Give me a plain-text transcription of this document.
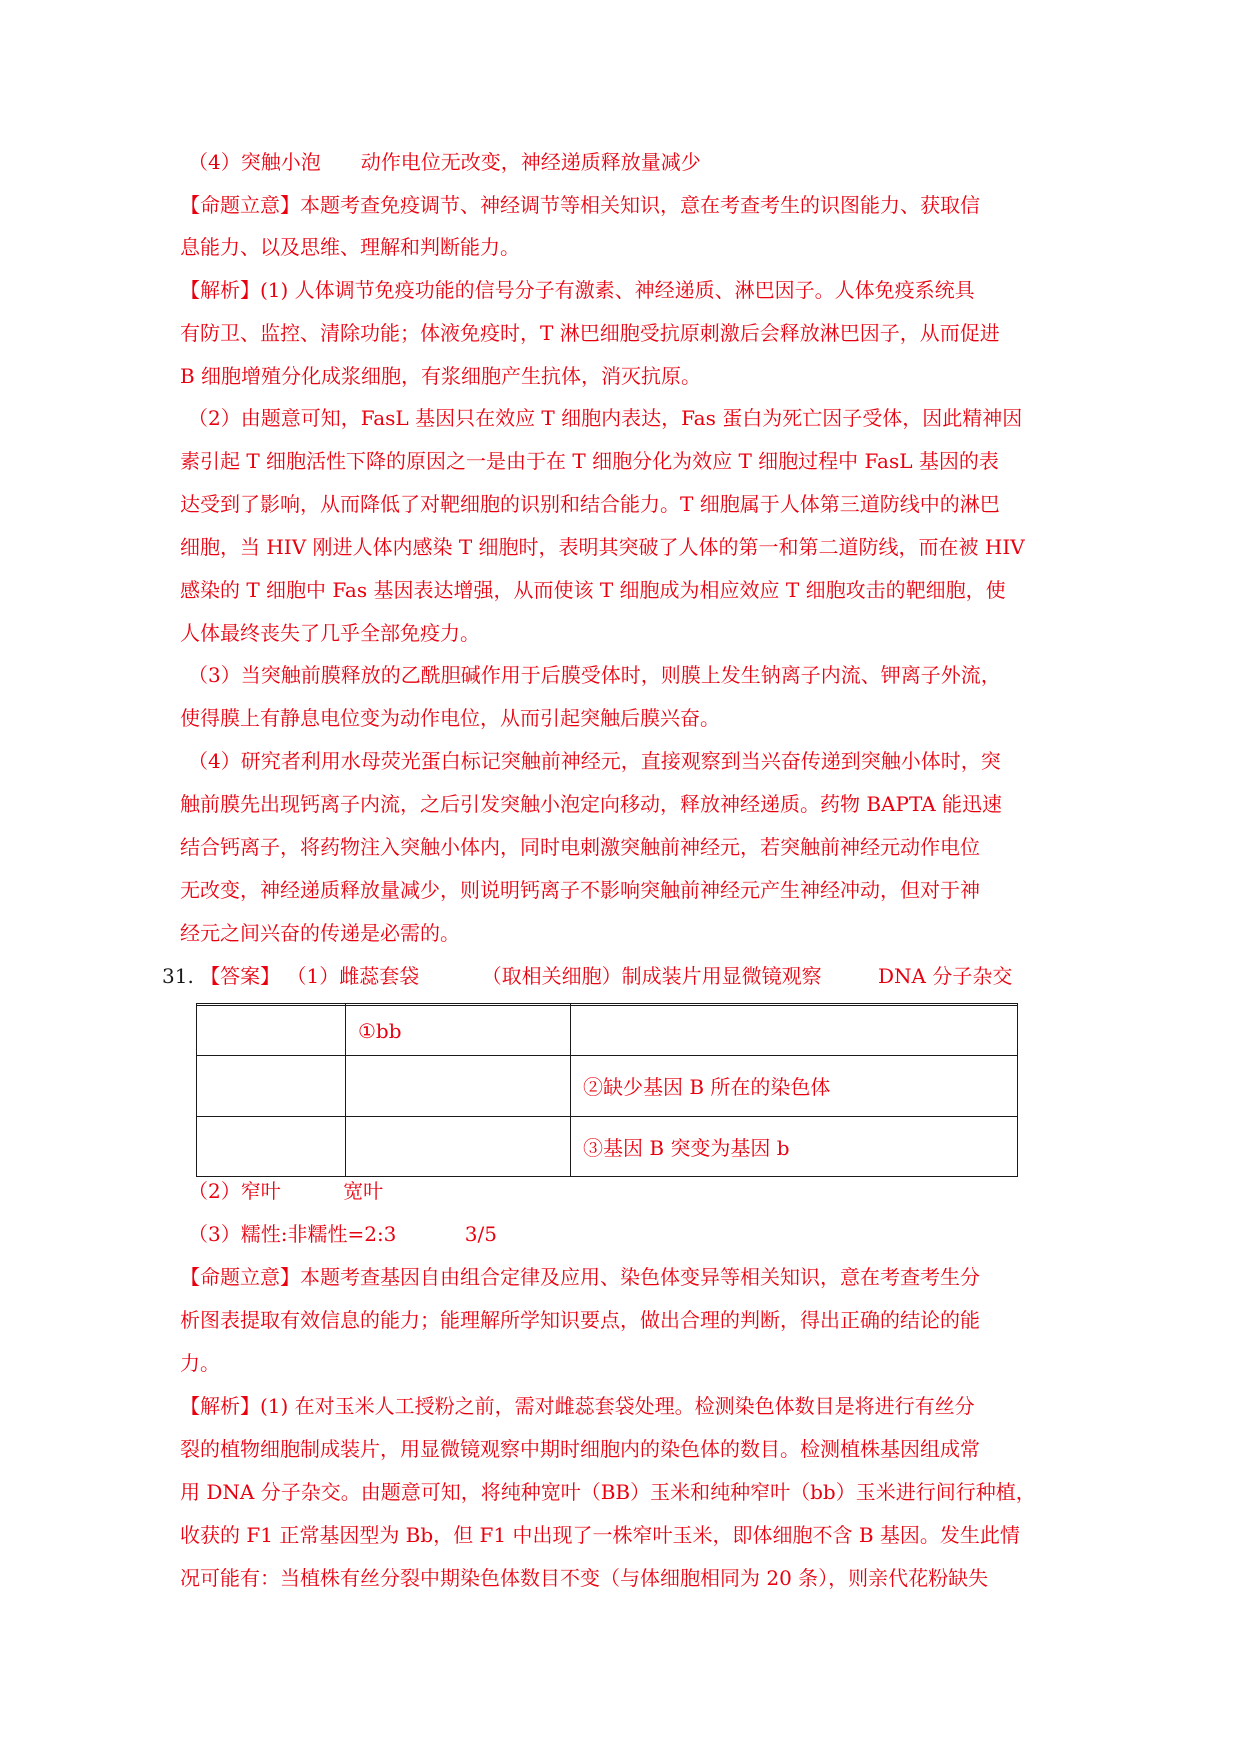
（4）突触小泡　　动作电位无改变，神经递质释放量减少
【命题立意】本题考查免疫调节、神经调节等相关知识，意在考查考生的识图能力、获取信
息能力、以及思维、理解和判断能力。
【解析】(1) 人体调节免疫功能的信号分子有激素、神经递质、淋巴因子。人体免疫系统具
有防卫、监控、清除功能；体液免疫时，T 淋巴细胞受抗原刺激后会释放淋巴因子，从而促进
B 细胞增殖分化成浆细胞，有浆细胞产生抗体，消灭抗原。
（2）由题意可知，FasL 基因只在效应 T 细胞内表达，Fas 蛋白为死亡因子受体，因此精神因
素引起 T 细胞活性下降的原因之一是由于在 T 细胞分化为效应 T 细胞过程中 FasL 基因的表
达受到了影响，从而降低了对靶细胞的识别和结合能力。T 细胞属于人体第三道防线中的淋巴
细胞，当 HIV 刚进人体内感染 T 细胞时，表明其突破了人体的第一和第二道防线，而在被 HIV
感染的 T 细胞中 Fas 基因表达增强，从而使该 T 细胞成为相应效应 T 细胞攻击的靶细胞，使
人体最终丧失了几乎全部免疫力。
（3）当突触前膜释放的乙酰胆碱作用于后膜受体时，则膜上发生钠离子内流、钾离子外流，
使得膜上有静息电位变为动作电位，从而引起突触后膜兴奋。
（4）研究者利用水母荧光蛋白标记突触前神经元，直接观察到当兴奋传递到突触小体时，突
触前膜先出现钙离子内流，之后引发突触小泡定向移动，释放神经递质。药物 BAPTA 能迅速
结合钙离子，将药物注入突触小体内，同时电刺激突触前神经元，若突触前神经元动作电位
无改变，神经递质释放量减少，则说明钙离子不影响突触前神经元产生神经冲动，但对于神
经元之间兴奋的传递是必需的。
31. 【答案】 （1）雌蕊套袋	（取相关细胞）制成装片用显微镜观察	DNA 分子杂交

	①bb	
		②缺少基因 B 所在的染色体
		③基因 B 突变为基因 b
（2）窄叶	宽叶
（3）糯性:非糯性=2:3	3/5
【命题立意】本题考查基因自由组合定律及应用、染色体变异等相关知识，意在考查考生分
析图表提取有效信息的能力；能理解所学知识要点，做出合理的判断，得出正确的结论的能
力。
【解析】(1) 在对玉米人工授粉之前，需对雌蕊套袋处理。检测染色体数目是将进行有丝分
裂的植物细胞制成装片，用显微镜观察中期时细胞内的染色体的数目。检测植株基因组成常
用 DNA 分子杂交。由题意可知，将纯种宽叶（BB）玉米和纯种窄叶（bb）玉米进行间行种植，
收获的 F1 正常基因型为 Bb，但 F1 中出现了一株窄叶玉米，即体细胞不含 B 基因。发生此情
况可能有：当植株有丝分裂中期染色体数目不变（与体细胞相同为 20 条），则亲代花粉缺失
